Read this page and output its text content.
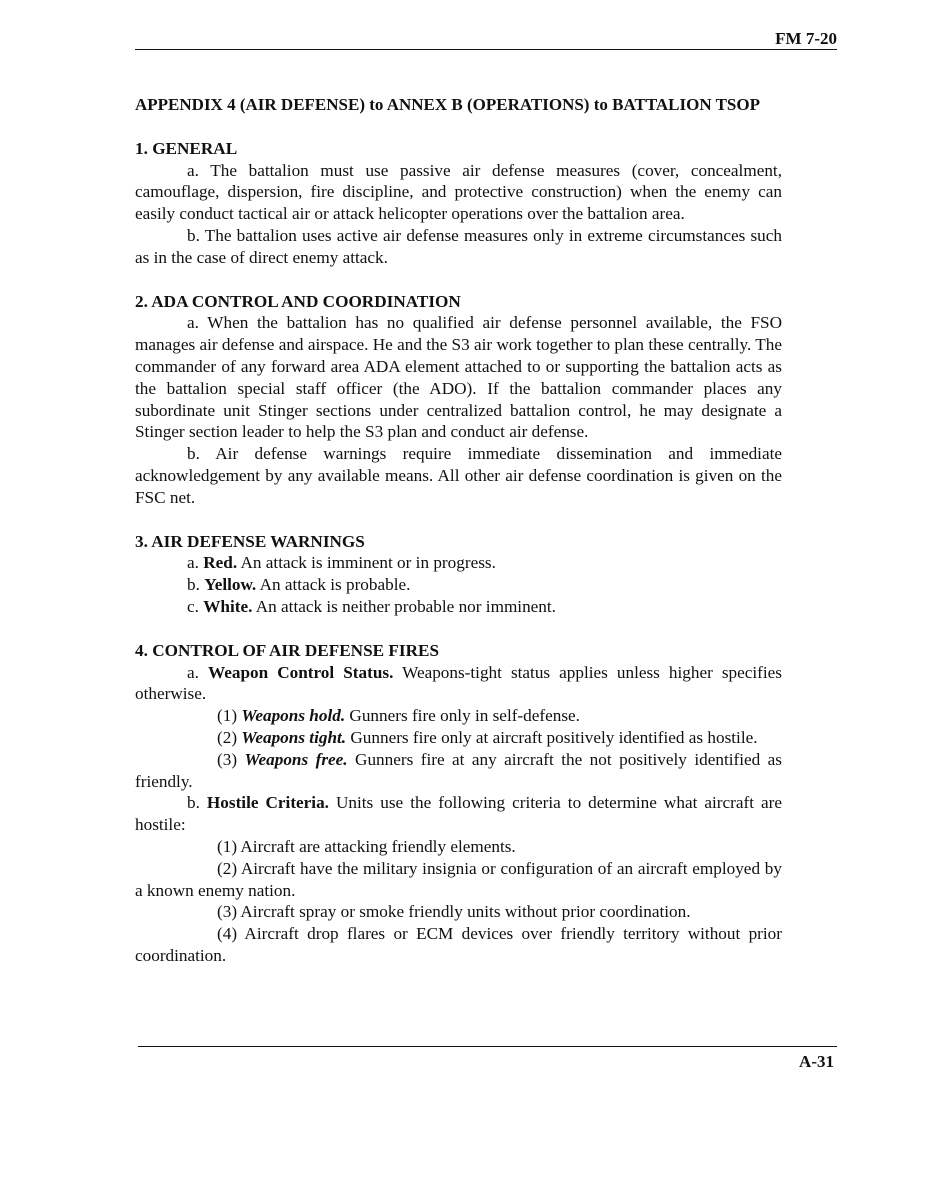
FM 7-20
APPENDIX 4 (AIR DEFENSE) to ANNEX B (OPERATIONS) to BATTALION TSOP
1. GENERAL

a. The battalion must use passive air defense measures (cover, concealment, camouflage, dispersion, fire discipline, and protective construction) when the enemy can easily conduct tactical air or attack helicopter operations over the battalion area.

b. The battalion uses active air defense measures only in extreme circumstances such as in the case of direct enemy attack.

2. ADA CONTROL AND COORDINATION

a. When the battalion has no qualified air defense personnel available, the FSO manages air defense and airspace. He and the S3 air work together to plan these centrally. The commander of any forward area ADA element attached to or supporting the battalion acts as the battalion special staff officer (the ADO). If the battalion commander places any subordinate unit Stinger sections under centralized battalion control, he may designate a Stinger section leader to help the S3 plan and conduct air defense.

b. Air defense warnings require immediate dissemination and immediate acknowledgement by any available means. All other air defense coordination is given on the FSC net.

3. AIR DEFENSE WARNINGS

a. Red. An attack is imminent or in progress.

b. Yellow. An attack is probable.

c. White. An attack is neither probable nor imminent.

4. CONTROL OF AIR DEFENSE FIRES

a. Weapon Control Status. Weapons-tight status applies unless higher specifies otherwise.

(1) Weapons hold. Gunners fire only in self-defense.

(2) Weapons tight. Gunners fire only at aircraft positively identified as hostile.

(3) Weapons free. Gunners fire at any aircraft the not positively identified as friendly.

b. Hostile Criteria. Units use the following criteria to determine what aircraft are hostile:

(1) Aircraft are attacking friendly elements.

(2) Aircraft have the military insignia or configuration of an aircraft employed by a known enemy nation.

(3) Aircraft spray or smoke friendly units without prior coordination.

(4) Aircraft drop flares or ECM devices over friendly territory without prior coordination.

A-31
